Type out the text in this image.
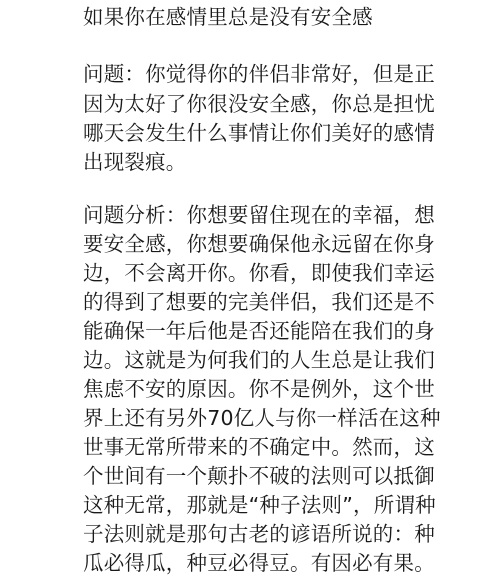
如果你在感情里总是没有安全感
问题：你觉得你的伴侣非常好，但是正
因为太好了你很没安全感，你总是担忧
哪天会发生什么事情让你们美好的感情
出现裂痕。
问题分析：你想要留住现在的幸福，想
要安全感，你想要确保他永远留在你身
边，不会离开你。你看，即使我们幸运
的得到了想要的完美伴侣，我们还是不
能确保一年后他是否还能陪在我们的身
边。这就是为何我们的人生总是让我们
焦虑不安的原因。你不是例外，这个世
界上还有另外70亿人与你一样活在这种
世事无常所带来的不确定中。然而，这
个世间有一个颠扑不破的法则可以抵御
这种无常，那就是“种子法则”，所谓种
子法则就是那句古老的谚语所说的：种
瓜必得瓜，种豆必得豆。有因必有果。
